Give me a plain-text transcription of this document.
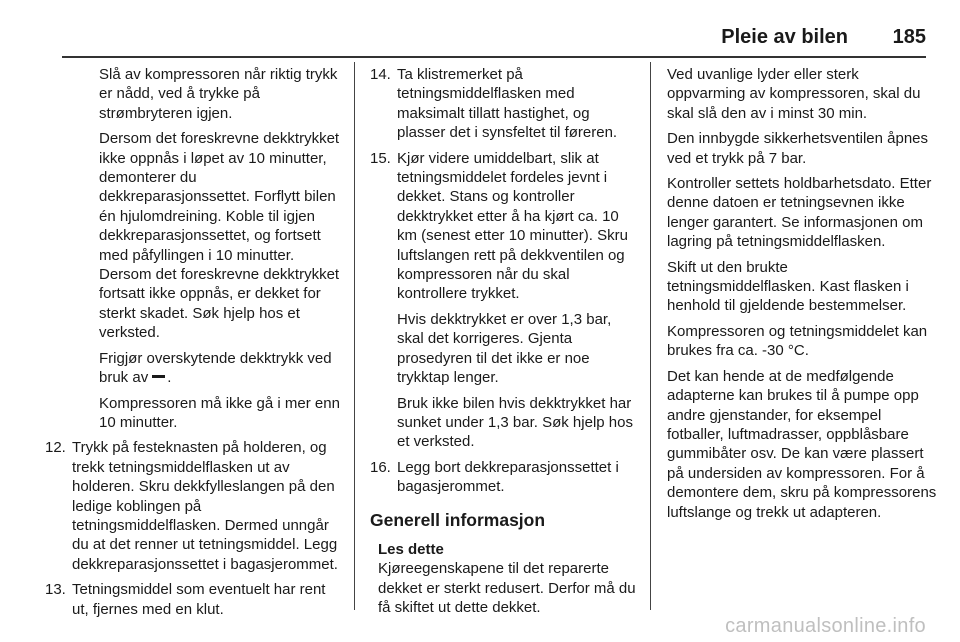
Pleie av bilen 185

Slå av kompressoren når riktig trykk er nådd, ved å trykke på strømbryteren igjen.

Dersom det foreskrevne dekktrykket ikke oppnås i løpet av 10 minutter, demonterer du dekkreparasjonssettet. Forflytt bilen én hjulomdreining. Koble til igjen dekkreparasjonssettet, og fortsett med påfyllingen i 10 minutter. Dersom det foreskrevne dekktrykket fortsatt ikke oppnås, er dekket for sterkt skadet. Søk hjelp hos et verksted.

Frigjør overskytende dekktrykk ved bruk av .

Kompressoren må ikke gå i mer enn 10 minutter.

12. Trykk på festeknasten på holderen, og trekk tetningsmiddelflasken ut av holderen. Skru dekkfylleslangen på den ledige koblingen på tetningsmiddelflasken. Dermed unngår du at det renner ut tetningsmiddel. Legg dekkreparasjonssettet i bagasjerommet.

13. Tetningsmiddel som eventuelt har rent ut, fjernes med en klut.

14. Ta klistremerket på tetningsmiddelflasken med maksimalt tillatt hastighet, og plasser det i synsfeltet til føreren.

15. Kjør videre umiddelbart, slik at tetningsmiddelet fordeles jevnt i dekket. Stans og kontroller dekktrykket etter å ha kjørt ca. 10 km (senest etter 10 minutter). Skru luftslangen rett på dekkventilen og kompressoren når du skal kontrollere trykket.

Hvis dekktrykket er over 1,3 bar, skal det korrigeres. Gjenta prosedyren til det ikke er noe trykktap lenger.

Bruk ikke bilen hvis dekktrykket har sunket under 1,3 bar. Søk hjelp hos et verksted.

16. Legg bort dekkreparasjonssettet i bagasjerommet.

Generell informasjon
Les dette

Kjøreegenskapene til det reparerte dekket er sterkt redusert. Derfor må du få skiftet ut dette dekket.

Ved uvanlige lyder eller sterk oppvarming av kompressoren, skal du skal slå den av i minst 30 min.

Den innbygde sikkerhetsventilen åpnes ved et trykk på 7 bar.

Kontroller settets holdbarhetsdato. Etter denne datoen er tetningsevnen ikke lenger garantert. Se informasjonen om lagring på tetningsmiddelflasken.

Skift ut den brukte tetningsmiddelflasken. Kast flasken i henhold til gjeldende bestemmelser.

Kompressoren og tetningsmiddelet kan brukes fra ca. -30 °C.

Det kan hende at de medfølgende adapterne kan brukes til å pumpe opp andre gjenstander, for eksempel fotballer, luftmadrasser, oppblåsbare gummibåter osv. De kan være plassert på undersiden av kompressoren. For å demontere dem, skru på kompressorens luftslange og trekk ut adapteren.

carmanualsonline.info
